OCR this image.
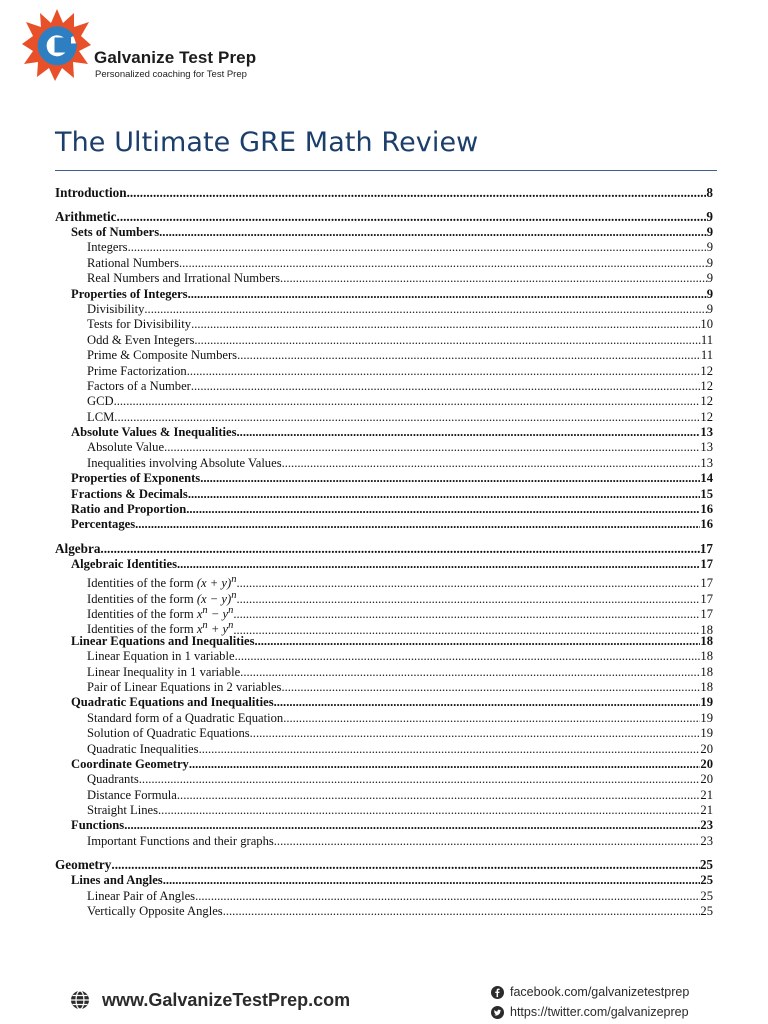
Galvanize Test Prep
Personalized coaching for Test Prep
The Ultimate GRE Math Review
Introduction .....	8
Arithmetic .....	9
Sets of Numbers .....	9
Integers .....	9
Rational Numbers .....	9
Real Numbers and Irrational Numbers .....	9
Properties of Integers .....	9
Divisibility .....	9
Tests for Divisibility .....	10
Odd & Even Integers .....	11
Prime & Composite Numbers .....	11
Prime Factorization .....	12
Factors of a Number .....	12
GCD .....	12
LCM .....	12
Absolute Values & Inequalities .....	13
Absolute Value .....	13
Inequalities involving Absolute Values .....	13
Properties of Exponents .....	14
Fractions & Decimals .....	15
Ratio and Proportion .....	16
Percentages .....	16
Algebra .....	17
Algebraic Identities .....	17
Identities of the form $(x + y)^n$ .....	17
Identities of the form $(x - y)^n$ .....	17
Identities of the form $x^n - y^n$ .....	17
Identities of the form $x^n + y^n$ .....	18
Linear Equations and Inequalities .....	18
Linear Equation in 1 variable .....	18
Linear Inequality in 1 variable .....	18
Pair of Linear Equations in 2 variables .....	18
Quadratic Equations and Inequalities .....	19
Standard form of a Quadratic Equation .....	19
Solution of Quadratic Equations .....	19
Quadratic Inequalities .....	20
Coordinate Geometry .....	20
Quadrants .....	20
Distance Formula .....	21
Straight Lines .....	21
Functions .....	23
Important Functions and their graphs .....	23
Geometry .....	25
Lines and Angles .....	25
Linear Pair of Angles .....	25
Vertically Opposite Angles .....	25
www.GalvanizeTestPrep.com	facebook.com/galvanizetestprep
https://twitter.com/galvanizeprep
